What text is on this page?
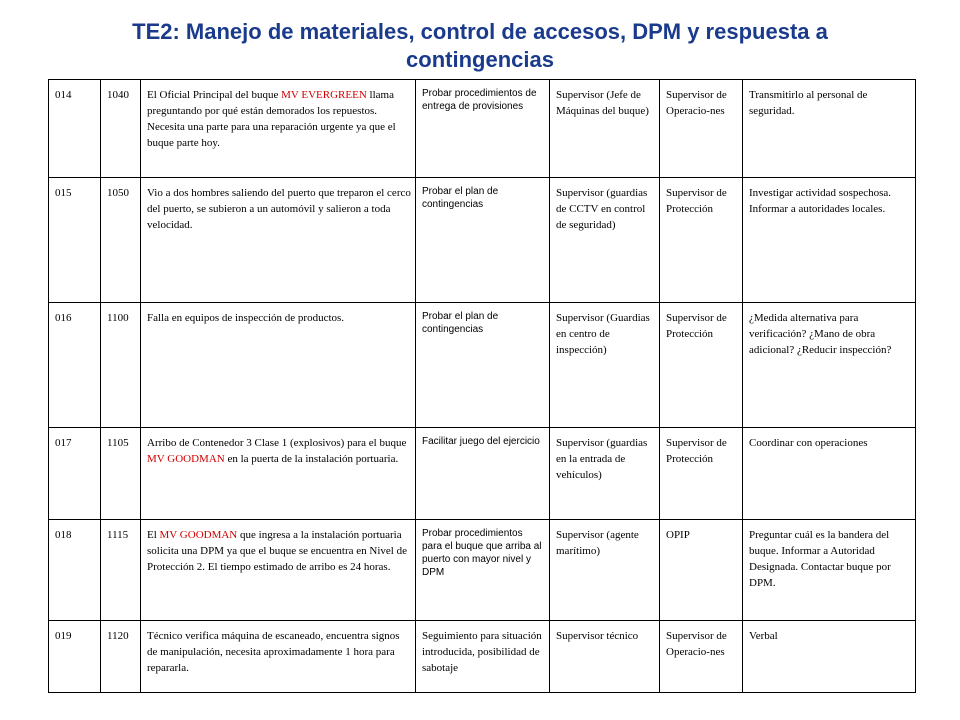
TE2: Manejo de materiales, control de accesos, DPM y respuesta a contingencias
014	1040	El Oficial Principal del buque MV EVERGREEN llama preguntando por qué están demorados los repuestos. Necesita una parte para una reparación urgente ya que el buque parte hoy.	Probar procedimientos de entrega de provisiones	Supervisor (Jefe de Máquinas del buque)	Supervisor de Operacio-nes	Transmitirlo al personal de seguridad.
015	1050	Vio a dos hombres saliendo del puerto que treparon el cerco del puerto, se subieron a un automóvil y salieron a toda velocidad.	Probar el plan de contingencias	Supervisor (guardias de CCTV en control de seguridad)	Supervisor de Protección	Investigar actividad sospechosa. Informar a autoridades locales.
016	1100	Falla en equipos de inspección de productos.	Probar el plan de contingencias	Supervisor (Guardias en centro de inspección)	Supervisor de Protección	¿Medida alternativa para verificación? ¿Mano de obra adicional? ¿Reducir inspección?
017	1105	Arribo de Contenedor 3 Clase 1 (explosivos) para el buque MV GOODMAN en la puerta de la instalación portuaria.	Facilitar juego del ejercicio	Supervisor (guardias en la entrada de vehículos)	Supervisor de Protección	Coordinar con operaciones
018	1115	El MV GOODMAN que ingresa a la instalación portuaria solicita una DPM ya que el buque se encuentra en Nivel de Protección 2. El tiempo estimado de arribo es 24 horas.	Probar procedimientos para el buque que arriba al puerto con mayor nivel y DPM	Supervisor (agente marítimo)	OPIP	Preguntar cuál es la bandera del buque. Informar a Autoridad Designada. Contactar buque por DPM.
019	1120	Técnico verifica máquina de escaneado, encuentra signos de manipulación, necesita aproximadamente 1 hora para repararla.	Seguimiento para situación introducida, posibilidad de sabotaje	Supervisor técnico	Supervisor de Operacio-nes	Verbal
